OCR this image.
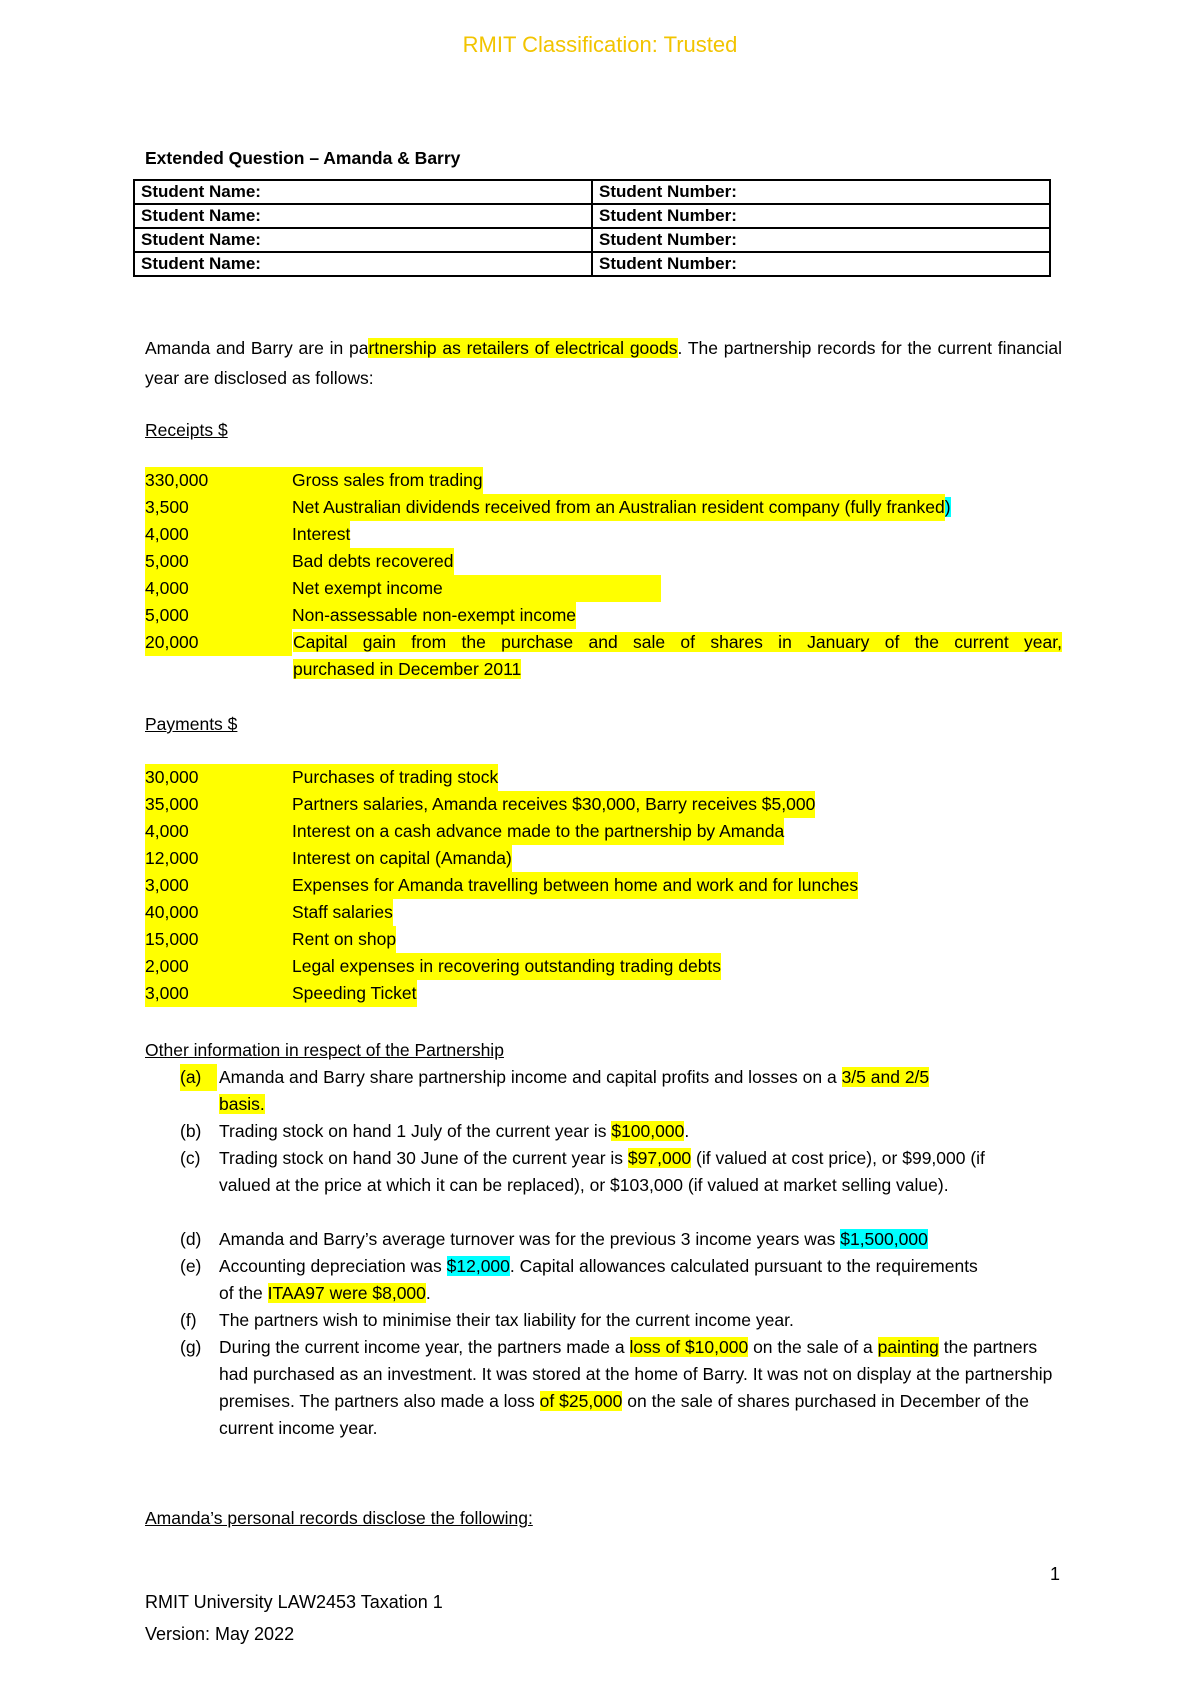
RMIT Classification: Trusted
Extended Question – Amanda & Barry
Student Name:	Student Number:
Student Name:	Student Number:
Student Name:	Student Number:
Student Name:	Student Number:
Amanda and Barry are in partnership as retailers of electrical goods. The partnership records for the current financial year are disclosed as follows:
Receipts $
330,000	Gross sales from trading
3,500	Net Australian dividends received from an Australian resident company (fully franked)
4,000	Interest
5,000	Bad debts recovered
4,000	Net exempt income
5,000	Non-assessable non-exempt income
20,000	Capital gain from the purchase and sale of shares in January of the current year,
purchased in December 2011
Payments $
30,000	Purchases of trading stock
35,000	Partners salaries, Amanda receives $30,000, Barry receives $5,000
4,000	Interest on a cash advance made to the partnership by Amanda
12,000	Interest on capital (Amanda)
3,000	Expenses for Amanda travelling between home and work and for lunches
40,000	Staff salaries
15,000	Rent on shop
2,000	Legal expenses in recovering outstanding trading debts
3,000	Speeding Ticket
Other information in respect of the Partnership
(a)	Amanda and Barry share partnership income and capital profits and losses on a 3/5 and 2/5
basis.
(b)	Trading stock on hand 1 July of the current year is $100,000.
(c)	Trading stock on hand 30 June of the current year is $97,000 (if valued at cost price), or $99,000 (if valued at the price at which it can be replaced), or $103,000 (if valued at market selling value).
(d)	Amanda and Barry’s average turnover was for the previous 3 income years was $1,500,000
(e)	Accounting depreciation was $12,000. Capital allowances calculated pursuant to the requirements of the ITAA97 were $8,000.
(f)	The partners wish to minimise their tax liability for the current income year.
(g)	During the current income year, the partners made a loss of $10,000 on the sale of a painting the partners had purchased as an investment. It was stored at the home of Barry. It was not on display at the partnership premises. The partners also made a loss of $25,000 on the sale of shares purchased in December of the current income year.
Amanda’s personal records disclose the following:
1
RMIT University LAW2453 Taxation 1
Version: May 2022
